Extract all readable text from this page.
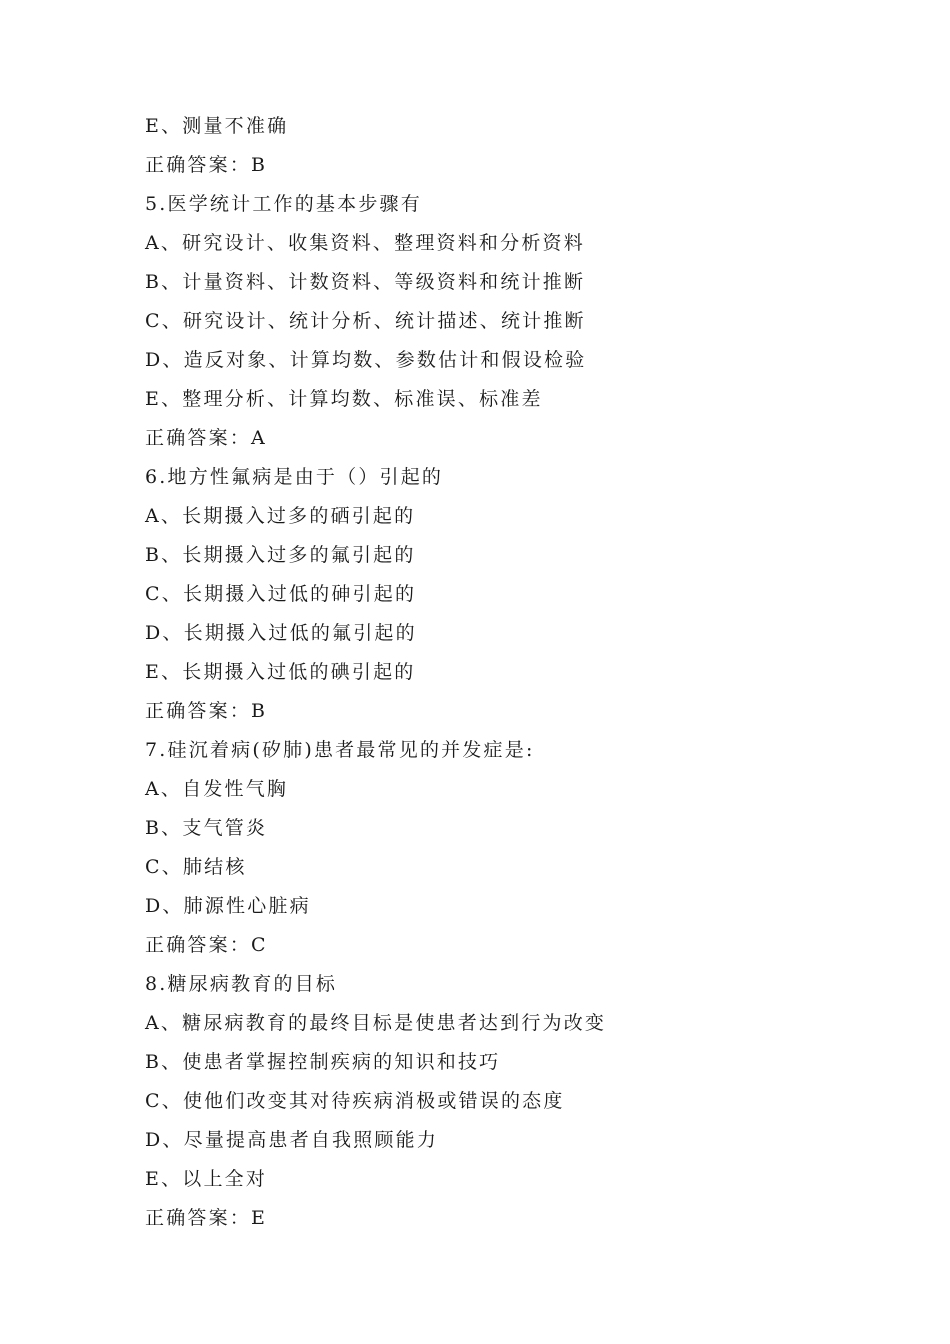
E、测量不准确
正确答案：B
5.医学统计工作的基本步骤有
A、研究设计、收集资料、整理资料和分析资料
B、计量资料、计数资料、等级资料和统计推断
C、研究设计、统计分析、统计描述、统计推断
D、造反对象、计算均数、参数估计和假设检验
E、整理分析、计算均数、标准误、标准差
正确答案：A
6.地方性氟病是由于（）引起的
A、长期摄入过多的硒引起的
B、长期摄入过多的氟引起的
C、长期摄入过低的砷引起的
D、长期摄入过低的氟引起的
E、长期摄入过低的碘引起的
正确答案：B
7.硅沉着病(矽肺)患者最常见的并发症是:
A、自发性气胸
B、支气管炎
C、肺结核
D、肺源性心脏病
正确答案：C
8.糖尿病教育的目标
A、糖尿病教育的最终目标是使患者达到行为改变
B、使患者掌握控制疾病的知识和技巧
C、使他们改变其对待疾病消极或错误的态度
D、尽量提高患者自我照顾能力
E、以上全对
正确答案：E
